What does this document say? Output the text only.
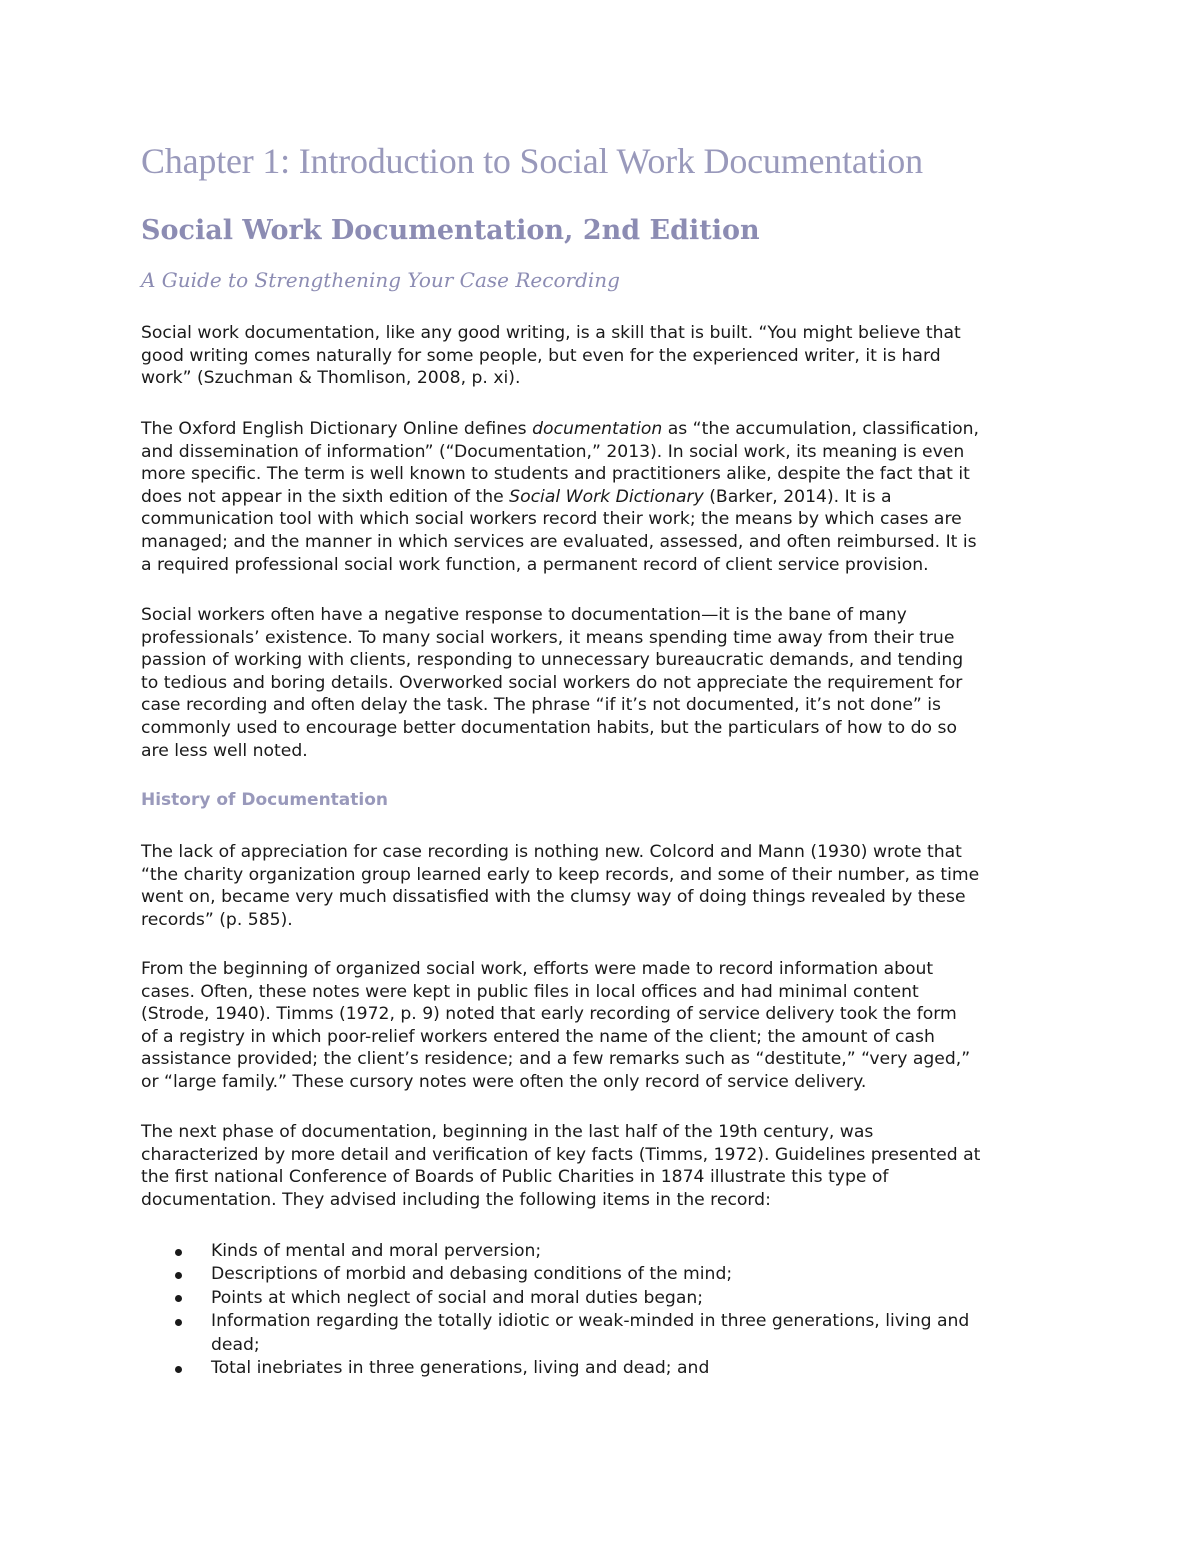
Chapter 1: Introduction to Social Work Documentation
Social Work Documentation, 2nd Edition
A Guide to Strengthening Your Case Recording

Social work documentation, like any good writing, is a skill that is built. “You might believe that
good writing comes naturally for some people, but even for the experienced writer, it is hard
work” (Szuchman & Thomlison, 2008, p. xi).

The Oxford English Dictionary Online defines documentation as “the accumulation, classification,
and dissemination of information” (“Documentation,” 2013). In social work, its meaning is even
more specific. The term is well known to students and practitioners alike, despite the fact that it
does not appear in the sixth edition of the Social Work Dictionary (Barker, 2014). It is a
communication tool with which social workers record their work; the means by which cases are
managed; and the manner in which services are evaluated, assessed, and often reimbursed. It is
a required professional social work function, a permanent record of client service provision.

Social workers often have a negative response to documentation—it is the bane of many
professionals’ existence. To many social workers, it means spending time away from their true
passion of working with clients, responding to unnecessary bureaucratic demands, and tending
to tedious and boring details. Overworked social workers do not appreciate the requirement for
case recording and often delay the task. The phrase “if it’s not documented, it’s not done” is
commonly used to encourage better documentation habits, but the particulars of how to do so
are less well noted.

History of Documentation

The lack of appreciation for case recording is nothing new. Colcord and Mann (1930) wrote that
“the charity organization group learned early to keep records, and some of their number, as time
went on, became very much dissatisfied with the clumsy way of doing things revealed by these
records” (p. 585).

From the beginning of organized social work, efforts were made to record information about
cases. Often, these notes were kept in public files in local offices and had minimal content
(Strode, 1940). Timms (1972, p. 9) noted that early recording of service delivery took the form
of a registry in which poor-relief workers entered the name of the client; the amount of cash
assistance provided; the client’s residence; and a few remarks such as “destitute,” “very aged,”
or “large family.” These cursory notes were often the only record of service delivery.

The next phase of documentation, beginning in the last half of the 19th century, was
characterized by more detail and verification of key facts (Timms, 1972). Guidelines presented at
the first national Conference of Boards of Public Charities in 1874 illustrate this type of
documentation. They advised including the following items in the record:

Kinds of mental and moral perversion;
Descriptions of morbid and debasing conditions of the mind;
Points at which neglect of social and moral duties began;
Information regarding the totally idiotic or weak-minded in three generations, living and
dead;
Total inebriates in three generations, living and dead; and
